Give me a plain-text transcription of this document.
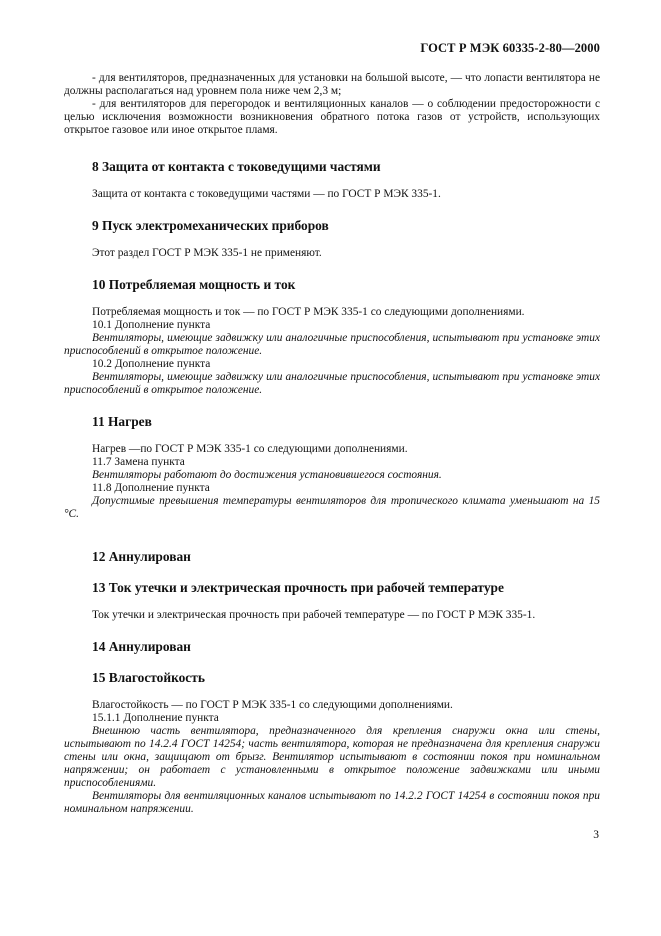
ГОСТ Р МЭК 60335-2-80—2000

- для вентиляторов, предназначенных для установки на большой высоте, — что лопасти вентилятора не должны располагаться над уровнем пола ниже чем 2,3 м;

- для вентиляторов для перегородок и вентиляционных каналов — о соблюдении предосторожности с целью исключения возможности возникновения обратного потока газов от устройств, использующих открытое газовое или иное открытое пламя.

8 Защита от контакта с токоведущими частями

Защита от контакта с токоведущими частями — по ГОСТ Р МЭК 335-1.

9 Пуск электромеханических приборов

Этот раздел ГОСТ Р МЭК 335-1 не применяют.

10 Потребляемая мощность и ток

Потребляемая мощность и ток — по ГОСТ Р МЭК 335-1 со следующими дополнениями.

10.1 Дополнение пункта

Вентиляторы, имеющие задвижку или аналогичные приспособления, испытывают при установке этих приспособлений в открытое положение.

10.2 Дополнение пункта

Вентиляторы, имеющие задвижку или аналогичные приспособления, испытывают при установке этих приспособлений в открытое положение.

11 Нагрев

Нагрев —по ГОСТ Р МЭК 335-1 со следующими дополнениями.

11.7 Замена пункта

Вентиляторы работают до достижения установившегося состояния.

11.8 Дополнение пункта

Допустимые превышения температуры вентиляторов для тропического климата уменьшают на 15 °С.

12 Аннулирован
13 Ток утечки и электрическая прочность при рабочей температуре

Ток утечки и электрическая прочность при рабочей температуре — по ГОСТ Р МЭК 335-1.

14 Аннулирован
15 Влагостойкость

Влагостойкость — по ГОСТ Р МЭК 335-1 со следующими дополнениями.

15.1.1 Дополнение пункта

Внешнюю часть вентилятора, предназначенного для крепления снаружи окна или стены, испытывают по 14.2.4 ГОСТ 14254; часть вентилятора, которая не предназначена для крепления снаружи стены или окна, защищают от брызг. Вентилятор испытывают в состоянии покоя при номинальном напряжении; он работает с установленными в открытое положение задвижками или иными приспособлениями.

Вентиляторы для вентиляционных каналов испытывают по 14.2.2 ГОСТ 14254 в состоянии покоя при номинальном напряжении.

3
